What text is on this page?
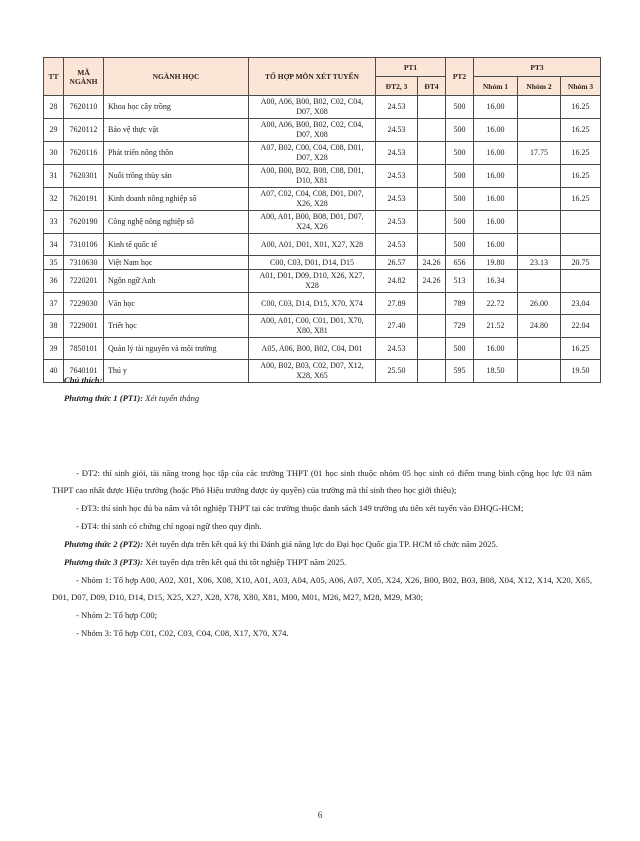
TT	MÃ NGÀNH	NGÀNH HỌC	TỔ HỢP MÔN XÉT TUYỂN	PT1		PT2	PT3		
				ĐT2, 3	ĐT4		Nhóm 1	Nhóm 2	Nhóm 3
28	7620110	Khoa học cây trồng	A00, A06, B00, B02, C02, C04, D07, X08	24.53		500	16.00		16.25
29	7620112	Bảo vệ thực vật	A00, A06, B00, B02, C02, C04, D07, X08	24.53		500	16.00		16.25
30	7620116	Phát triển nông thôn	A07, B02, C00, C04, C08, D01, D07, X28	24.53		500	16.00	17.75	16.25
31	7620301	Nuôi trồng thủy sản	A00, B00, B02, B08, C08, D01, D10, X81	24.53		500	16.00		16.25
32	7620191	Kinh doanh nông nghiệp số	A07, C02, C04, C08, D01, D07, X26, X28	24.53		500	16.00		16.25
33	7620190	Công nghệ nông nghiệp số	A00, A01, B00, B08, D01, D07, X24, X26	24.53		500	16.00		
34	7310106	Kinh tế quốc tế	A00, A01, D01, X01, X27, X28	24.53		500	16.00		
35	7310630	Việt Nam học	C00, C03, D01, D14, D15	26.57	24.26	656	19.80	23.13	20.75
36	7220201	Ngôn ngữ Anh	A01, D01, D09, D10, X26, X27, X28	24.82	24.26	513	16.34		
37	7229030	Văn học	C00, C03, D14, D15, X70, X74	27.89		789	22.72	26.00	23.04
38	7229001	Triết học	A00, A01, C00, C01, D01, X70, X80, X81	27.40		729	21.52	24.80	22.04
39	7850101	Quản lý tài nguyên và môi trường	A05, A06, B00, B02, C04, D01	24.53		500	16.00		16.25
40	7640101	Thú y	A00, B02, B03, C02, D07, X12, X28, X65	25.50		595	18.50		19.50

Chú thích:

Phương thức 1 (PT1): Xét tuyển thẳng

- ĐT2: thí sinh giỏi, tài năng trong học tập của các trường THPT (01 học sinh thuộc nhóm 05 học sinh có điểm trung bình cộng học lực 03 năm THPT cao nhất được Hiệu trưởng (hoặc Phó Hiệu trưởng được ủy quyền) của trường mà thí sinh theo học giới thiệu);

- ĐT3: thí sinh học đủ ba năm và tốt nghiệp THPT tại các trường thuộc danh sách 149 trường ưu tiên xét tuyển vào ĐHQG-HCM;

- ĐT4: thí sinh có chứng chỉ ngoại ngữ theo quy định.

Phương thức 2 (PT2): Xét tuyển dựa trên kết quả kỳ thi Đánh giá năng lực do Đại học Quốc gia TP. HCM tổ chức năm 2025.

Phương thức 3 (PT3): Xét tuyển dựa trên kết quả thi tốt nghiệp THPT năm 2025.

- Nhóm 1: Tổ hợp A00, A02, X01, X06, X08, X10, A01, A03, A04, A05, A06, A07, X05, X24, X26, B00, B02, B03, B08, X04, X12, X14, X20, X65, D01, D07, D09, D10, D14, D15, X25, X27, X28, X78, X80, X81, M00, M01, M26, M27, M28, M29, M30;

- Nhóm 2: Tổ hợp C00;

- Nhóm 3: Tổ hợp C01, C02, C03, C04, C08, X17, X70, X74.

6
